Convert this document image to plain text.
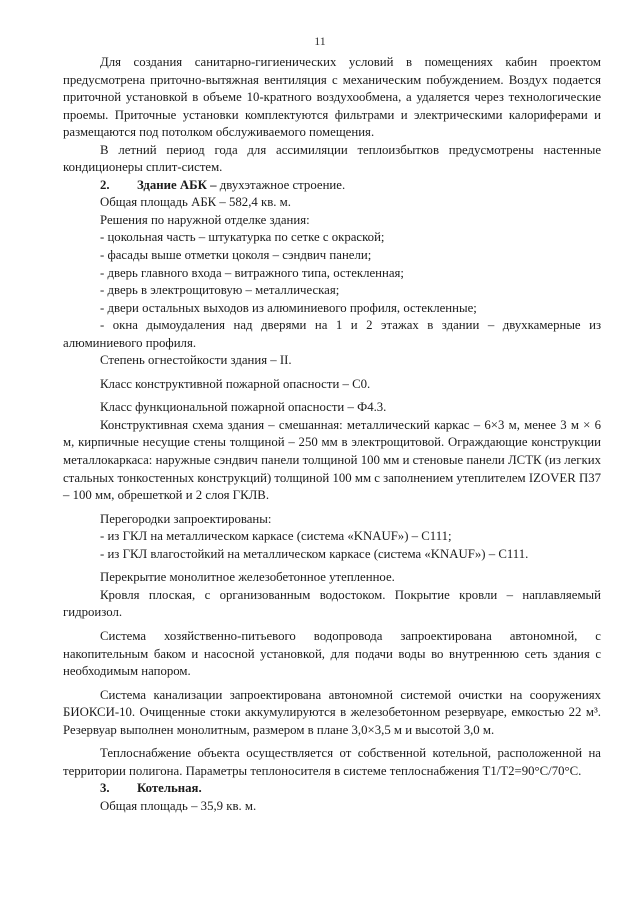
11

Для создания санитарно-гигиенических условий в помещениях кабин проектом предусмотрена приточно-вытяжная вентиляция с механическим побуждением. Воздух подается приточной установкой в объеме 10-кратного воздухообмена, а удаляется через технологические проемы. Приточные установки комплектуются фильтрами и электрическими калориферами и размещаются под потолком обслуживаемого помещения.

В летний период года для ассимиляции теплоизбытков предусмотрены настенные кондиционеры сплит-систем.

2. Здание АБК – двухэтажное строение.

Общая площадь АБК – 582,4 кв. м.

Решения по наружной отделке здания:

- цокольная часть – штукатурка по сетке с окраской;

- фасады выше отметки цоколя – сэндвич панели;

- дверь главного входа – витражного типа, остекленная;

- дверь в электрощитовую – металлическая;

- двери остальных выходов из алюминиевого профиля, остекленные;

- окна дымоудаления над дверями на 1 и 2 этажах в здании – двухкамерные из алюминиевого профиля.

Степень огнестойкости здания – II.

Класс конструктивной пожарной опасности – С0.

Класс функциональной пожарной опасности – Ф4.3.

Конструктивная схема здания – смешанная: металлический каркас – 6×3 м, менее 3 м × 6 м, кирпичные несущие стены толщиной – 250 мм в электрощитовой. Ограждающие конструкции металлокаркаса: наружные сэндвич панели толщиной 100 мм и стеновые панели ЛСТК (из легких стальных тонкостенных конструкций) толщиной 100 мм с заполнением утеплителем IZOVER П37 – 100 мм, обрешеткой и 2 слоя ГКЛВ.

Перегородки запроектированы:

- из ГКЛ на металлическом каркасе (система «KNAUF») – С111;

- из ГКЛ влагостойкий на металлическом каркасе (система «KNAUF») – С111.

Перекрытие монолитное железобетонное утепленное.

Кровля плоская, с организованным водостоком. Покрытие кровли – наплавляемый гидроизол.

Система хозяйственно-питьевого водопровода запроектирована автономной, с накопительным баком и насосной установкой, для подачи воды во внутреннюю сеть здания с необходимым напором.

Система канализации запроектирована автономной системой очистки на сооружениях БИОКСИ-10. Очищенные стоки аккумулируются в железобетонном резервуаре, емкостью 22 м³. Резервуар выполнен монолитным, размером в плане 3,0×3,5 м и высотой 3,0 м.

Теплоснабжение объекта осуществляется от собственной котельной, расположенной на территории полигона. Параметры теплоносителя в системе теплоснабжения Т1/Т2=90°С/70°С.

3. Котельная.

Общая площадь – 35,9 кв. м.
